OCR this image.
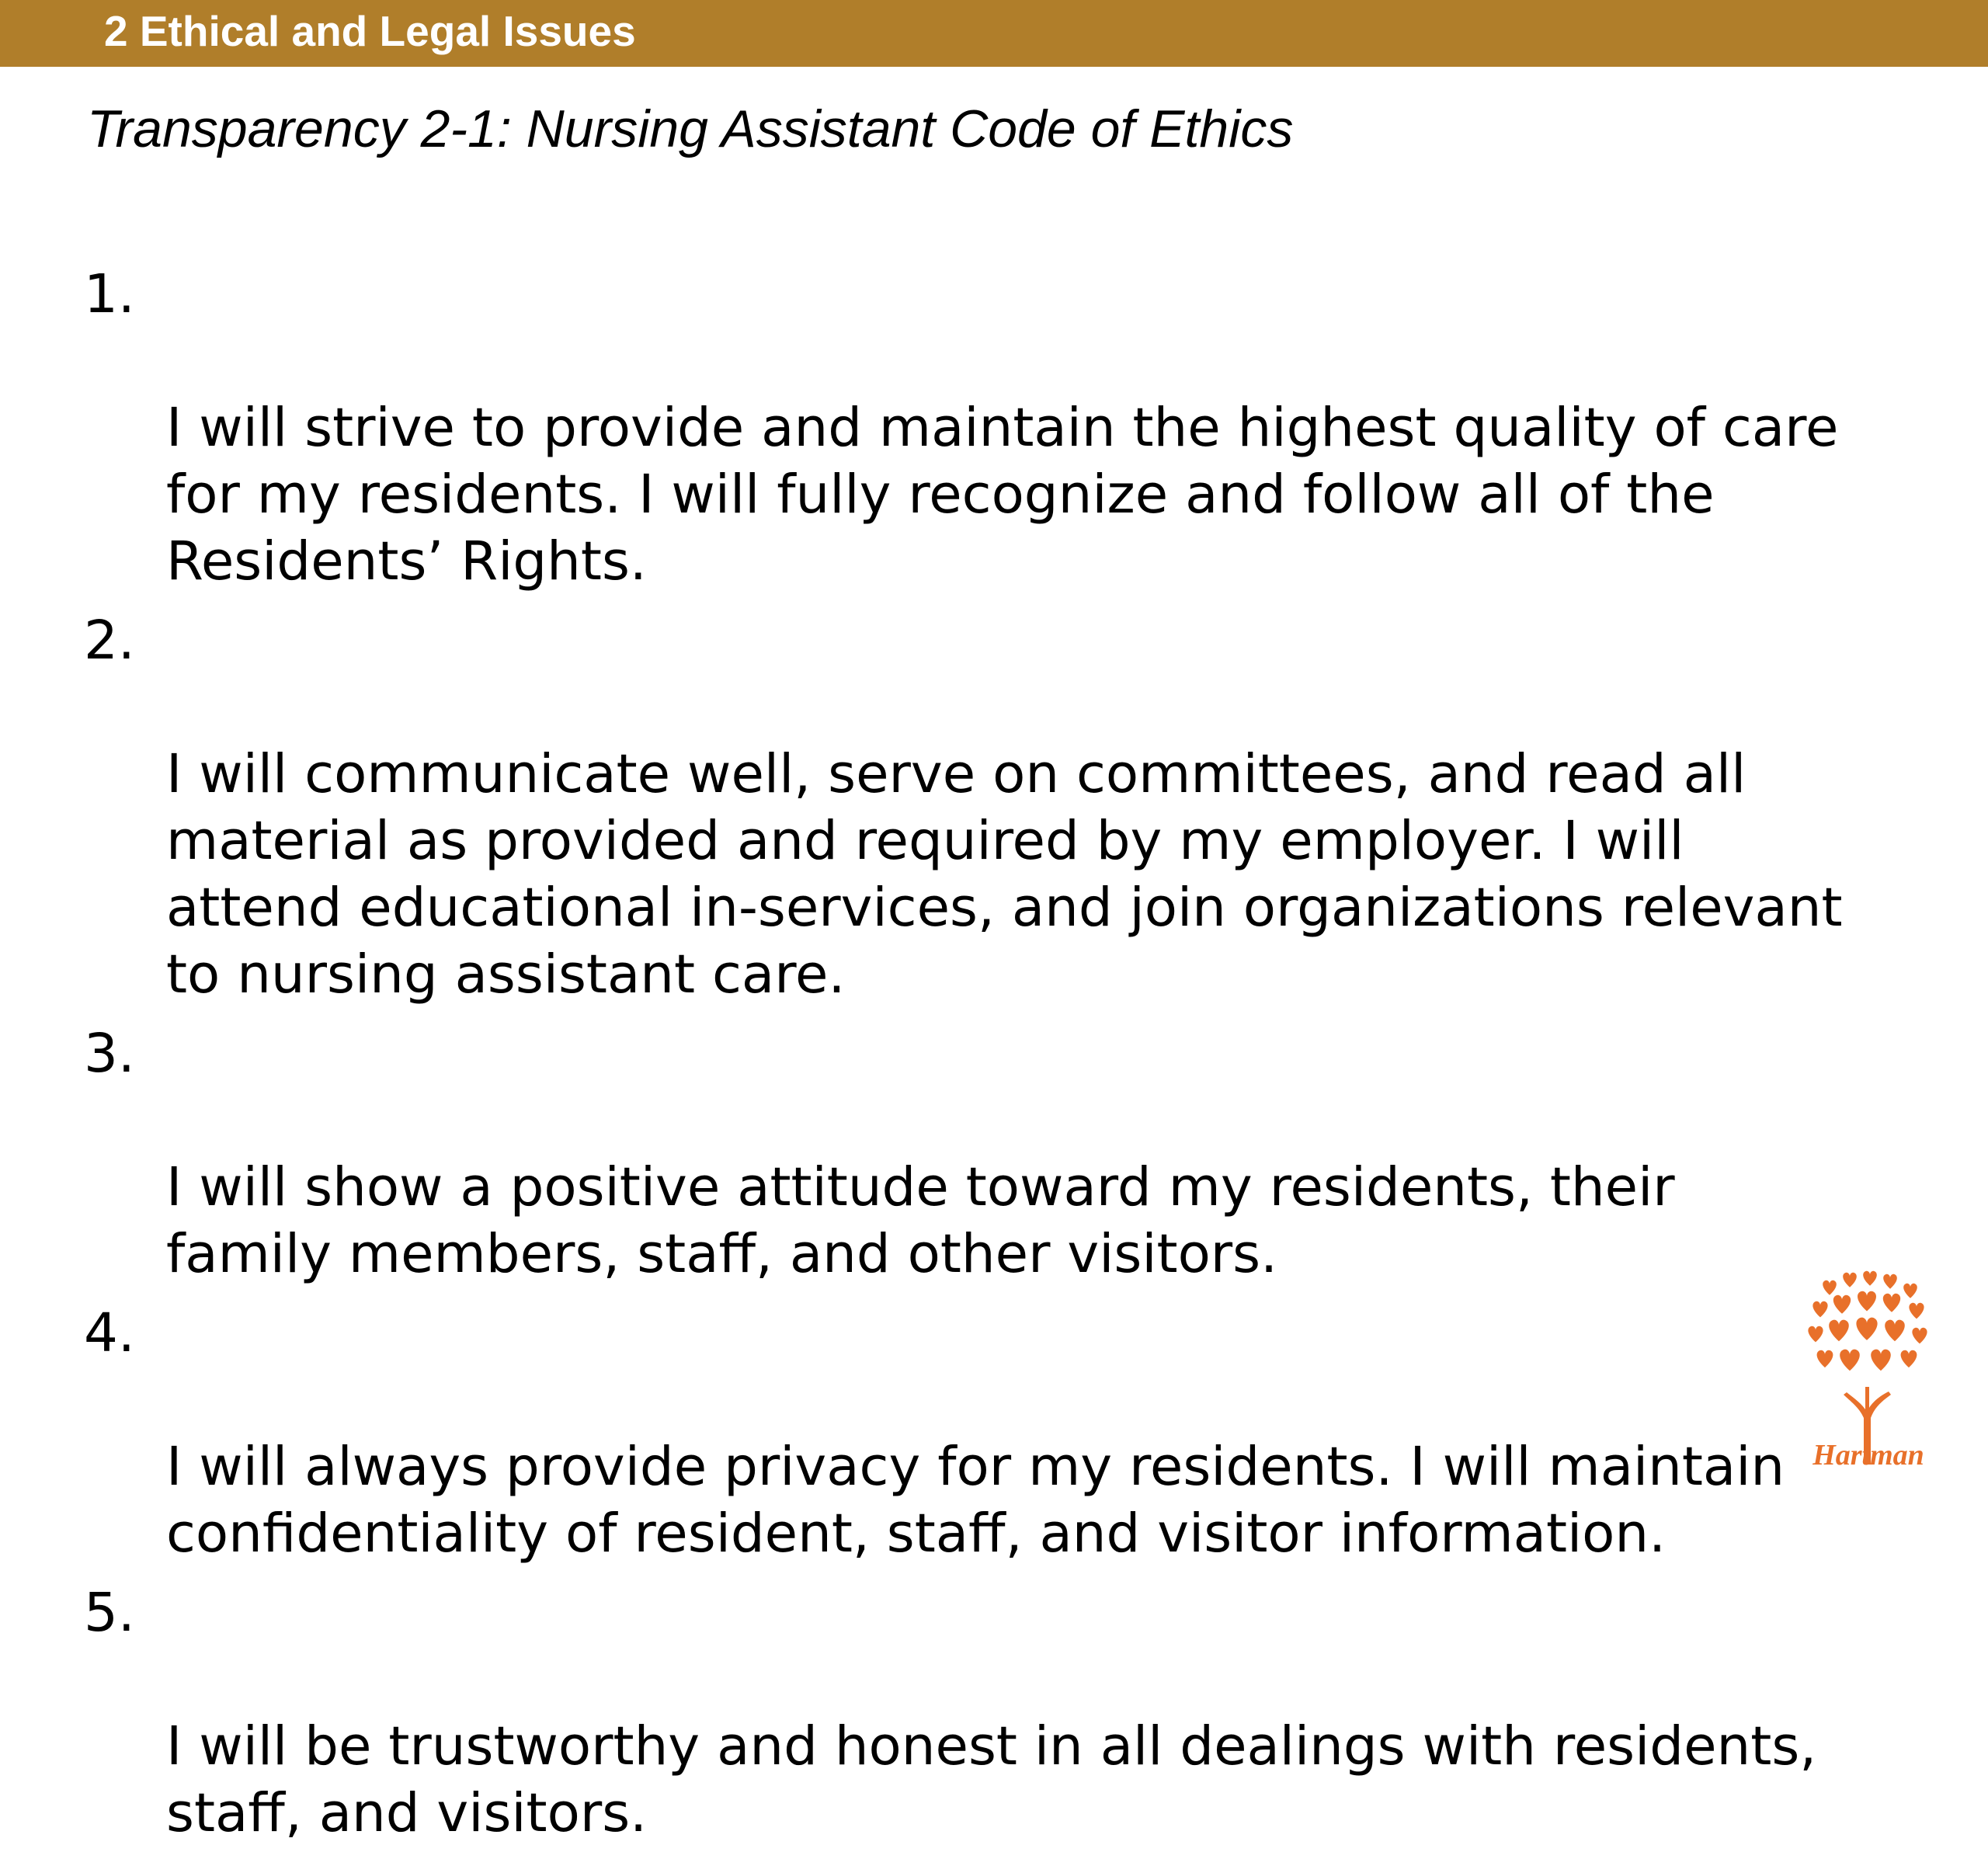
2 Ethical and Legal Issues
Transparency 2-1: Nursing Assistant Code of Ethics

1.

I will strive to provide and maintain the highest quality of care
for my residents. I will fully recognize and follow all of the
Residents’ Rights.

2.

I will communicate well, serve on committees, and read all
material as provided and required by my employer. I will
attend educational in-services, and join organizations relevant
to nursing assistant care.

3.

I will show a positive attitude toward my residents, their
family members, staff, and other visitors.

4.

I will always provide privacy for my residents. I will maintain
confidentiality of resident, staff, and visitor information.

5.

I will be trustworthy and honest in all dealings with residents,
staff, and visitors.

Hartman
